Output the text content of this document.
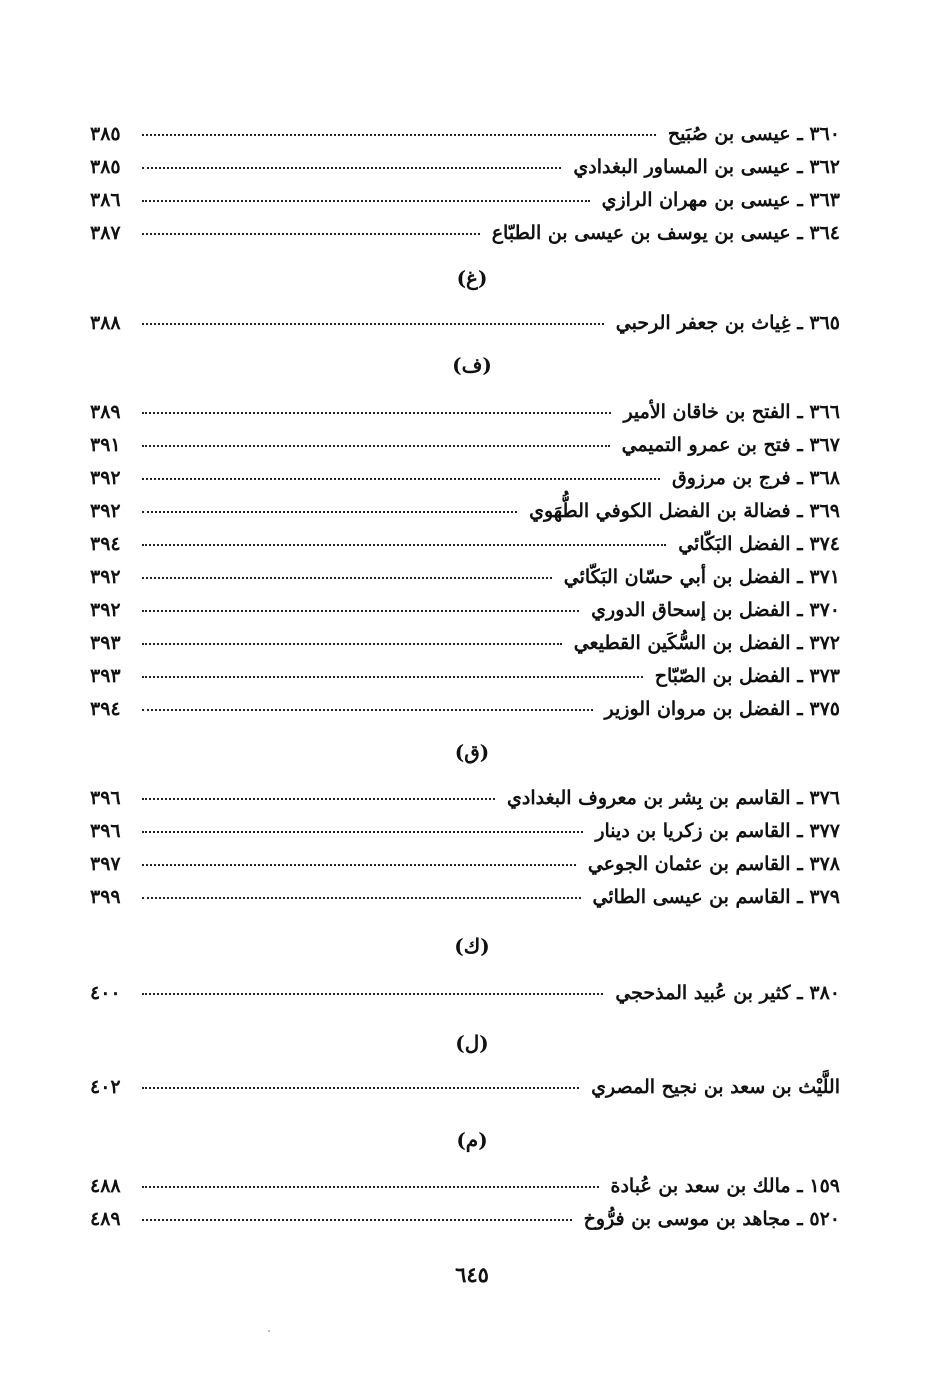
٣٦٠ ـ عيسى بن صُبَيح
٣٨٥
٣٦٢ ـ عيسى بن المساور البغدادي
٣٨٥
٣٦٣ ـ عيسى بن مهران الرازي
٣٨٦
٣٦٤ ـ عيسى بن يوسف بن عيسى بن الطبّاع
٣٨٧
(غ)
٣٦٥ ـ غِياث بن جعفر الرحبي
٣٨٨
(ف)
٣٦٦ ـ الفتح بن خاقان الأمير
٣٨٩
٣٦٧ ـ فتح بن عمرو التميمي
٣٩١
٣٦٨ ـ فرج بن مرزوق
٣٩٢
٣٦٩ ـ فضالة بن الفضل الكوفي الطُّهَوي
٣٩٢
٣٧٤ ـ الفضل البَكّائي
٣٩٤
٣٧١ ـ الفضل بن أبي حسّان البَكّائي
٣٩٢
٣٧٠ ـ الفضل بن إسحاق الدوري
٣٩٢
٣٧٢ ـ الفضل بن السُّكَين القطيعي
٣٩٣
٣٧٣ ـ الفضل بن الصّبّاح
٣٩٣
٣٧٥ ـ الفضل بن مروان الوزير
٣٩٤
(ق)
٣٧٦ ـ القاسم بن بِشر بن معروف البغدادي
٣٩٦
٣٧٧ ـ القاسم بن زكريا بن دينار
٣٩٦
٣٧٨ ـ القاسم بن عثمان الجوعي
٣٩٧
٣٧٩ ـ القاسم بن عيسى الطائي
٣٩٩
(ك)
٣٨٠ ـ كثير بن عُبيد المذحجي
٤٠٠
(ل)
اللَّيْث بن سعد بن نجيح المصري
٤٠٢
(م)
١٥٩ ـ مالك بن سعد بن عُبادة
٤٨٨
٥٢٠ ـ مجاهد بن موسى بن فرُّوخ
٤٨٩
٦٤٥
